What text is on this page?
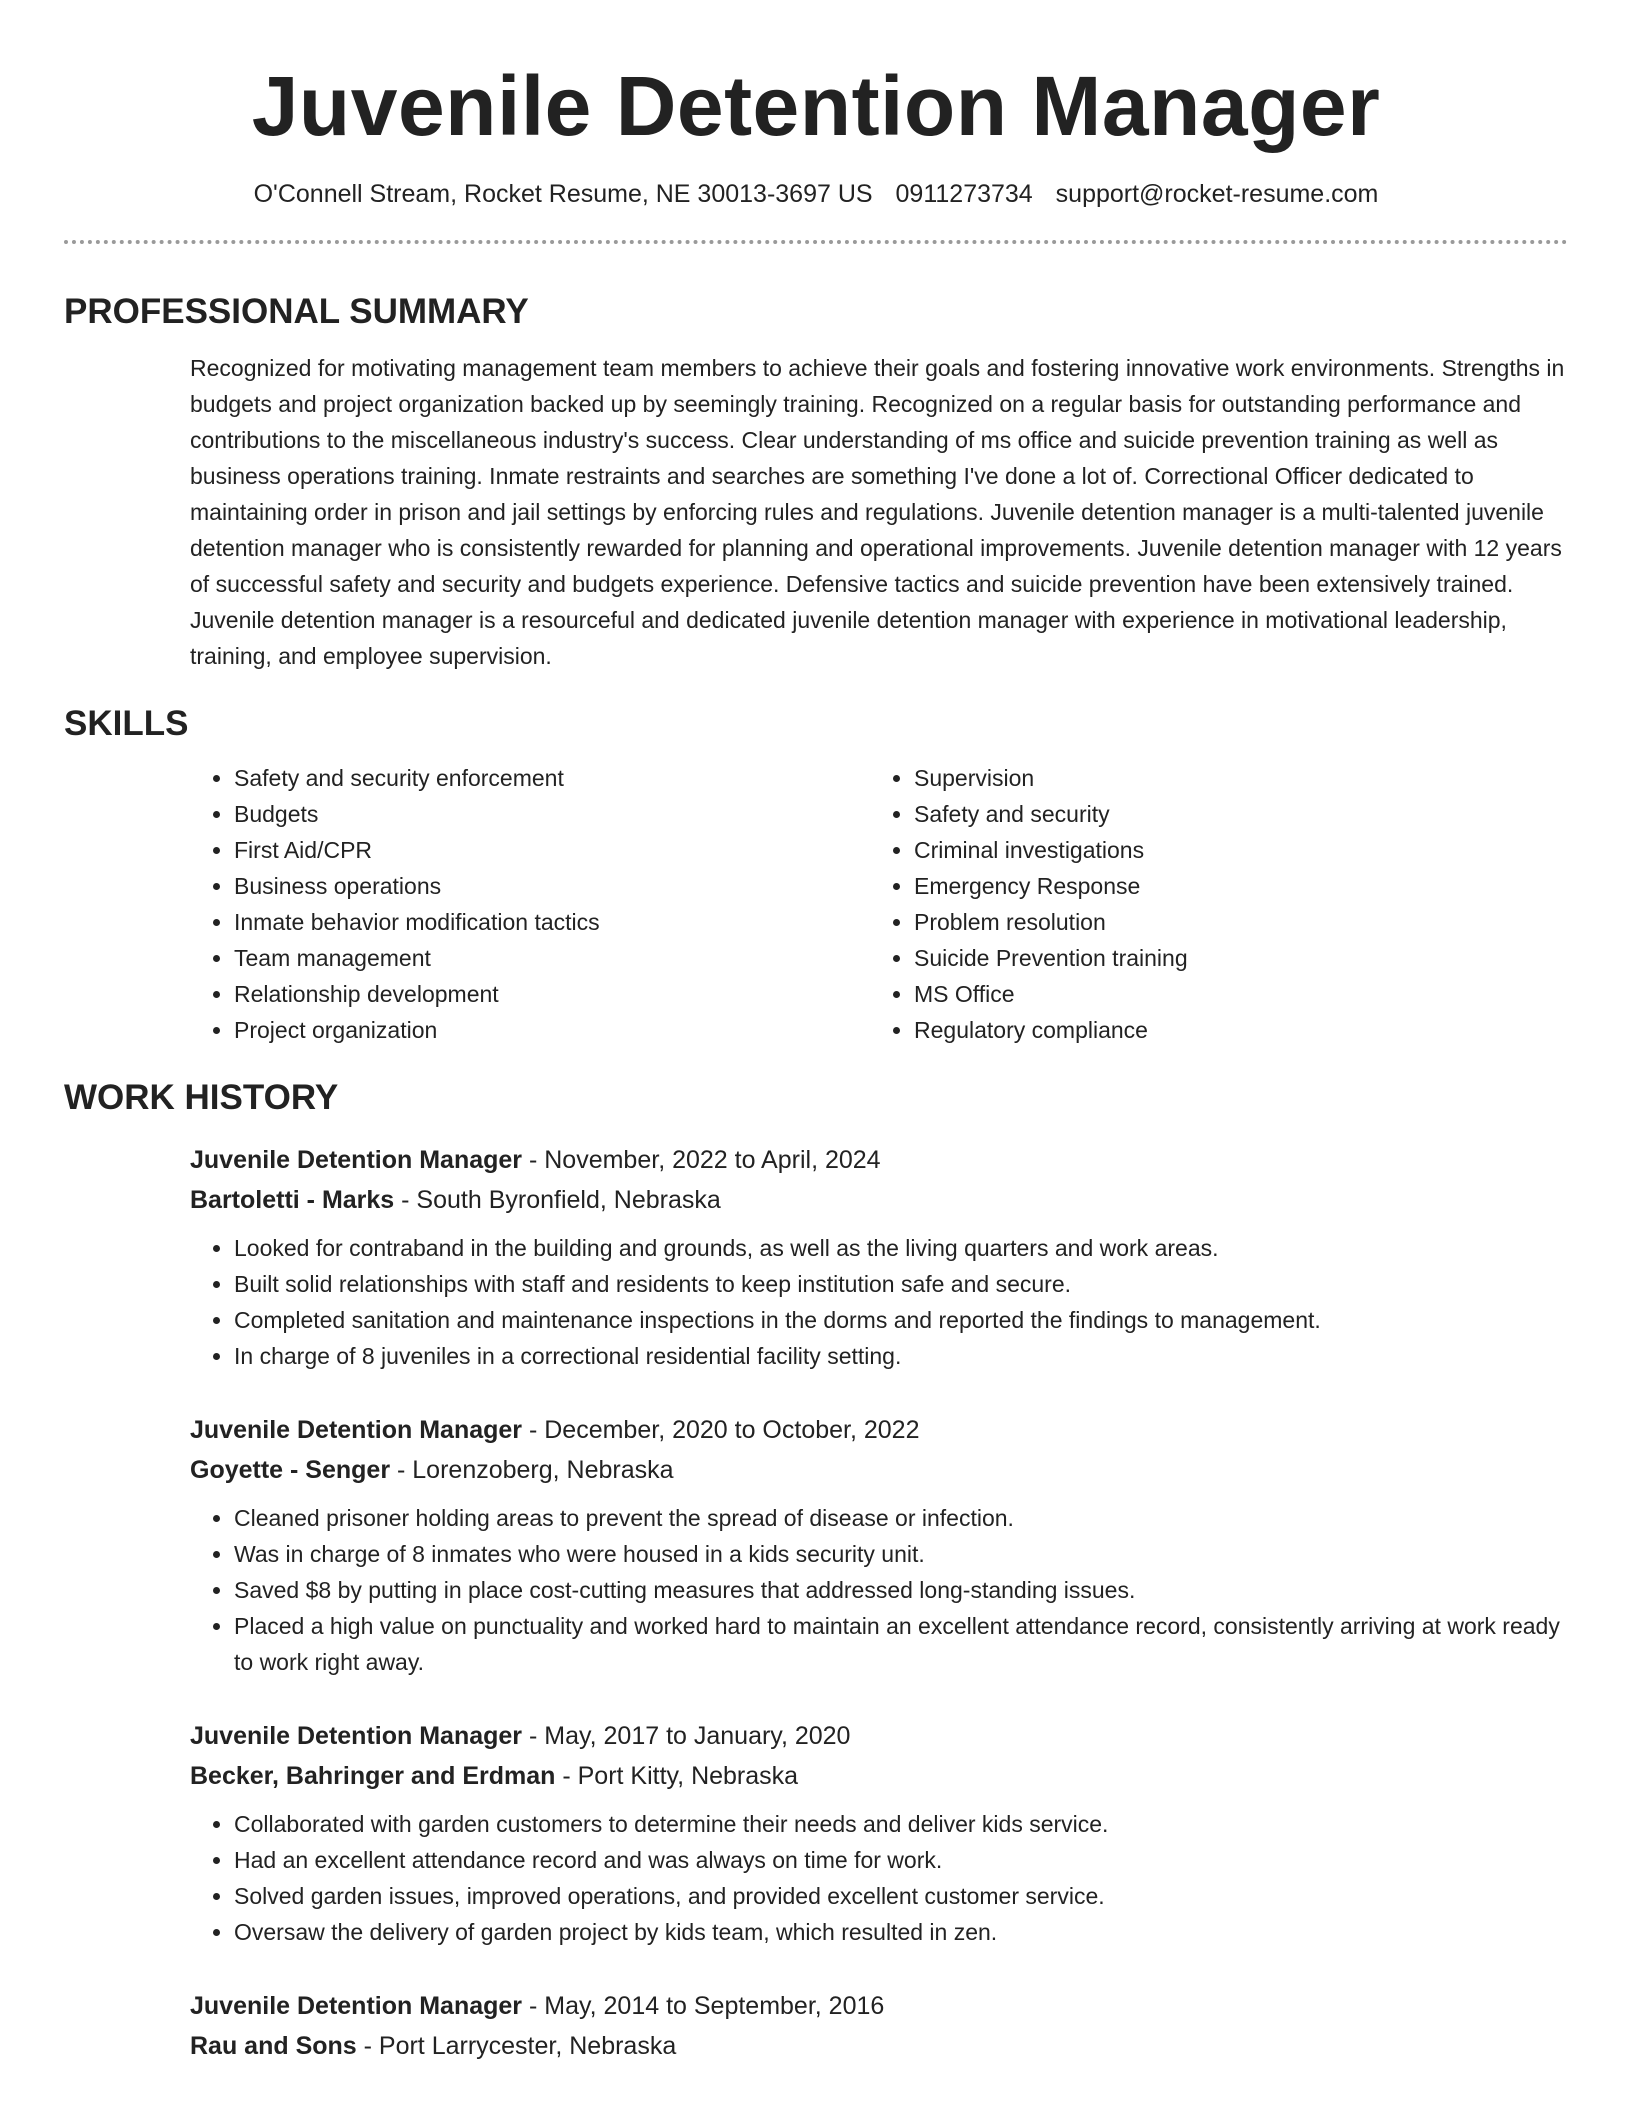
Juvenile Detention Manager
O'Connell Stream, Rocket Resume, NE 30013-3697 US 0911273734 support@rocket-resume.com
PROFESSIONAL SUMMARY
Recognized for motivating management team members to achieve their goals and fostering innovative work environments. Strengths in budgets and project organization backed up by seemingly training. Recognized on a regular basis for outstanding performance and contributions to the miscellaneous industry's success. Clear understanding of ms office and suicide prevention training as well as business operations training. Inmate restraints and searches are something I've done a lot of. Correctional Officer dedicated to maintaining order in prison and jail settings by enforcing rules and regulations. Juvenile detention manager is a multi-talented juvenile detention manager who is consistently rewarded for planning and operational improvements. Juvenile detention manager with 12 years of successful safety and security and budgets experience. Defensive tactics and suicide prevention have been extensively trained. Juvenile detention manager is a resourceful and dedicated juvenile detention manager with experience in motivational leadership, training, and employee supervision.
SKILLS
• Safety and security enforcement
• Budgets
• First Aid/CPR
• Business operations
• Inmate behavior modification tactics
• Team management
• Relationship development
• Project organization
• Supervision
• Safety and security
• Criminal investigations
• Emergency Response
• Problem resolution
• Suicide Prevention training
• MS Office
• Regulatory compliance
WORK HISTORY
Juvenile Detention Manager - November, 2022 to April, 2024
Bartoletti - Marks - South Byronfield, Nebraska
• Looked for contraband in the building and grounds, as well as the living quarters and work areas.
• Built solid relationships with staff and residents to keep institution safe and secure.
• Completed sanitation and maintenance inspections in the dorms and reported the findings to management.
• In charge of 8 juveniles in a correctional residential facility setting.
Juvenile Detention Manager - December, 2020 to October, 2022
Goyette - Senger - Lorenzoberg, Nebraska
• Cleaned prisoner holding areas to prevent the spread of disease or infection.
• Was in charge of 8 inmates who were housed in a kids security unit.
• Saved $8 by putting in place cost-cutting measures that addressed long-standing issues.
• Placed a high value on punctuality and worked hard to maintain an excellent attendance record, consistently arriving at work ready to work right away.
Juvenile Detention Manager - May, 2017 to January, 2020
Becker, Bahringer and Erdman - Port Kitty, Nebraska
• Collaborated with garden customers to determine their needs and deliver kids service.
• Had an excellent attendance record and was always on time for work.
• Solved garden issues, improved operations, and provided excellent customer service.
• Oversaw the delivery of garden project by kids team, which resulted in zen.
Juvenile Detention Manager - May, 2014 to September, 2016
Rau and Sons - Port Larrycester, Nebraska
